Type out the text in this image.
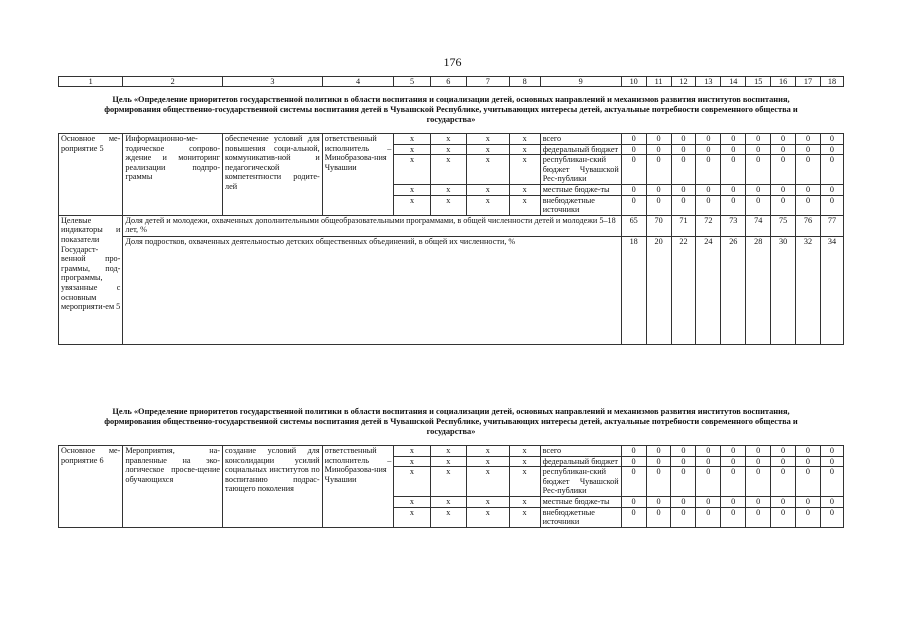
176
1	2	3	4	5	6	7	8	9	10	11	12	13	14	15	16	17	18

Цель «Определение приоритетов государственной политики в области воспитания и социализации детей, основных направлений и механизмов развития институтов воспитания, формирования общественно-государственной системы воспитания детей в Чувашской Республике, учитывающих интересы детей, актуальные потребности современного общества и государства»																	

Основное ме-роприятие 5	Информационно-ме-тодическое сопрово-ждение и мониторинг реализации подпро-граммы	обеспечение условий для повышения соци-альной, коммуникатив-ной и педагогической компетентности родите-лей	ответственный исполнитель – Минобразова-ния Чувашии	x	x	x	x	всего	0	0	0	0	0	0	0	0	0
				x	x	x	x	федеральный бюджет	0	0	0	0	0	0	0	0	0
				x	x	x	x	республикан-ский бюджет Чувашской Рес-публики	0	0	0	0	0	0	0	0	0
				x	x	x	x	местные бюдже-ты	0	0	0	0	0	0	0	0	0
				x	x	x	x	внебюджетные источники	0	0	0	0	0	0	0	0	0
Целевые индикаторы и показатели Государст-венной про-граммы, под-программы, увязанные с основным мероприяти-ем 5	Доля детей и молодежи, охваченных дополнительными общеобразовательными программами, в общей численности детей и молодежи 5–18 лет, %								65	70	71	72	73	74	75	76	77
	Доля подростков, охваченных деятельностью детских общественных объединений, в общей их численности, %								18	20	22	24	26	28	30	32	34
Цель «Определение приоритетов государственной политики в области воспитания и социализации детей, основных направлений и механизмов развития институтов воспитания, формирования общественно-государственной системы воспитания детей в Чувашской Республике, учитывающих интересы детей, актуальные потребности современного общества и государства»																	

Основное ме-роприятие 6	Мероприятия, на-правленные на эко-логическое просве-щение обучающихся	создание условий для консолидации усилий социальных институтов по воспитанию подрас-тающего поколения	ответственный исполнитель – Минобразова-ния Чувашии	x	x	x	x	всего	0	0	0	0	0	0	0	0	0
				x	x	x	x	федеральный бюджет	0	0	0	0	0	0	0	0	0
				x	x	x	x	республикан-ский бюджет Чувашской Рес-публики	0	0	0	0	0	0	0	0	0
				x	x	x	x	местные бюдже-ты	0	0	0	0	0	0	0	0	0
				x	x	x	x	внебюджетные источники	0	0	0	0	0	0	0	0	0
